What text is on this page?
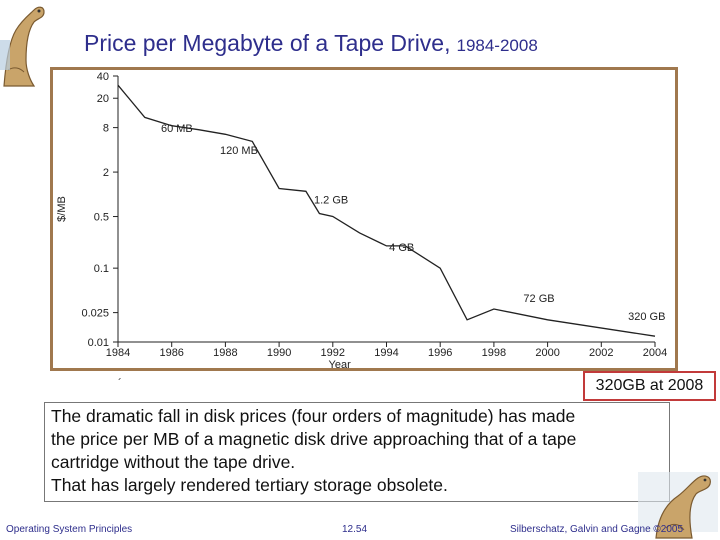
Price per Megabyte of a Tape Drive, 1984-2008
40
20
8
2
0.5
0.1
0.025
0.01
1984	1986	1988	1990	1992	1994	1996	1998	2000	2002	2004
$/MB
Year
60 MB
120 MB
1.2 GB
4 GB
72 GB
320 GB
´	320GB at 2008
The dramatic fall in disk prices (four orders of magnitude) has made
the price per MB of a magnetic disk drive approaching that of a tape
cartridge without the tape drive.
That has largely rendered tertiary storage obsolete.
Operating System Principles	12.54	Silberschatz, Galvin and Gagne ©2005
